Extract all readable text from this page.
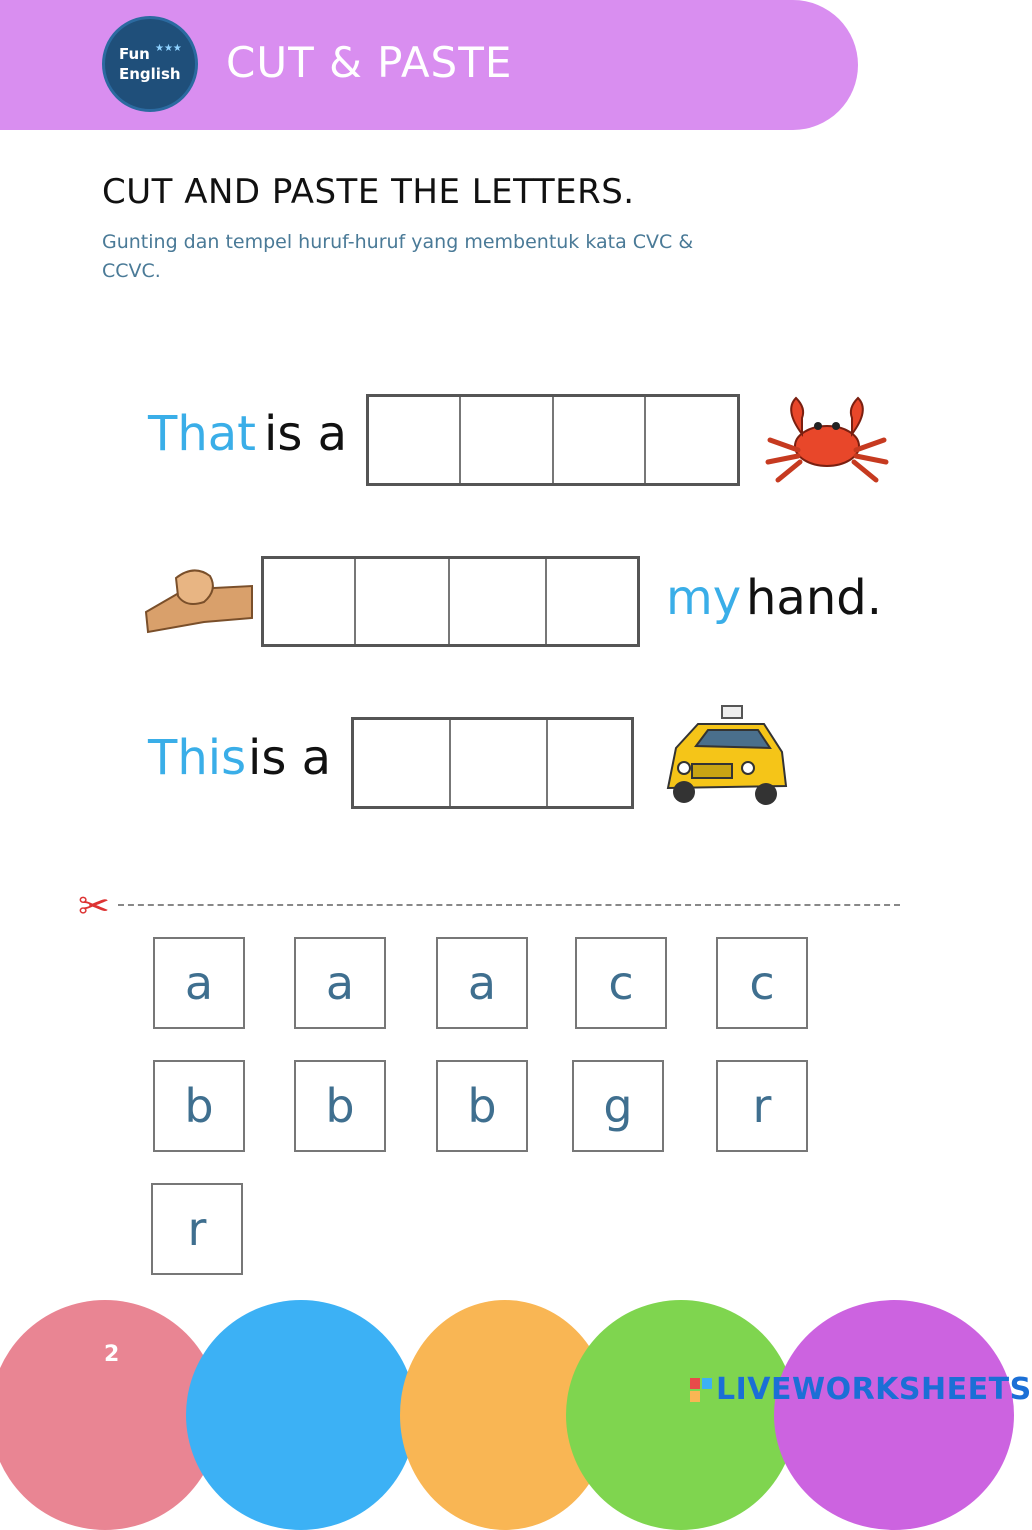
Fun ★★★
English CUT & PASTE
CUT AND PASTE THE LETTERS.
Gunting dan tempel huruf-huruf yang membentuk kata CVC & CCVC.
That is a
my hand.
This is a
✂
a	a	a	c	c
b	b	b	g	r
r
2
LIVEWORKSHEETS
